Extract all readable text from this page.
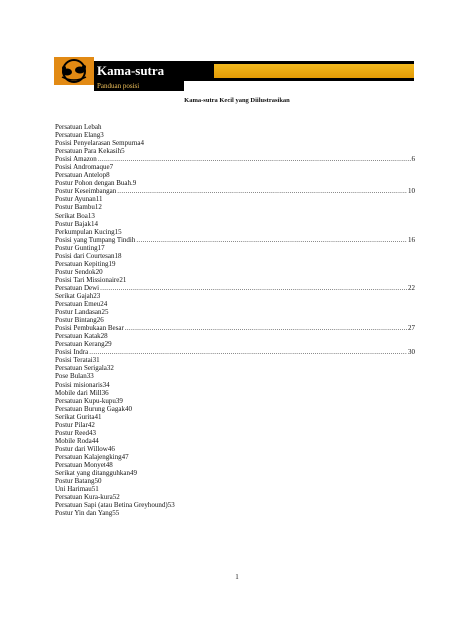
Kama-sutra
Panduan posisi
Kama-sutra Kecil yang Diilustrasikan
Persatuan Lebah
Persatuan Elang3
Posisi Penyelarasan Sempurna4
Persatuan Para Kekasih5
Posisi Amazon .....	6
Posisi Andromaque7
Persatuan Antelop8
Postur Pohon dengan Buah.9
Postur Keseimbangan .....	10
Postur Ayunan11
Postur Bambu12
Serikat Boa13
Postur Bajak14
Perkumpulan Kucing15
Posisi yang Tumpang Tindih .....	16
Postur Gunting17
Posisi dari Courtesan18
Persatuan Kepiting19
Postur Sendok20
Posisi Tari Missionaire21
Persatuan Dewi .....	22
Serikat Gajah23
Persatuan Emeu24
Postur Landasan25
Postur Bintang26
Posisi Pembukaan Besar .....	27
Persatuan Katak28
Persatuan Kerang29
Posisi Indra .....	30
Posisi Teratai31
Persatuan Serigala32
Pose Bulan33
Posisi misionaris34
Mobile dari Mill36
Persatuan Kupu-kupu39
Persatuan Burung Gagak40
Serikat Gurita41
Postur Pilar42
Postur Reed43
Mobile Roda44
Postur dari Willow46
Persatuan Kalajengking47
Persatuan Monyet48
Serikat yang ditangguhkan49
Postur Batang50
Uni Harimau51
Persatuan Kura-kura52
Persatuan Sapi (atau Betina Greyhound)53
Postur Yin dan Yang55
1
